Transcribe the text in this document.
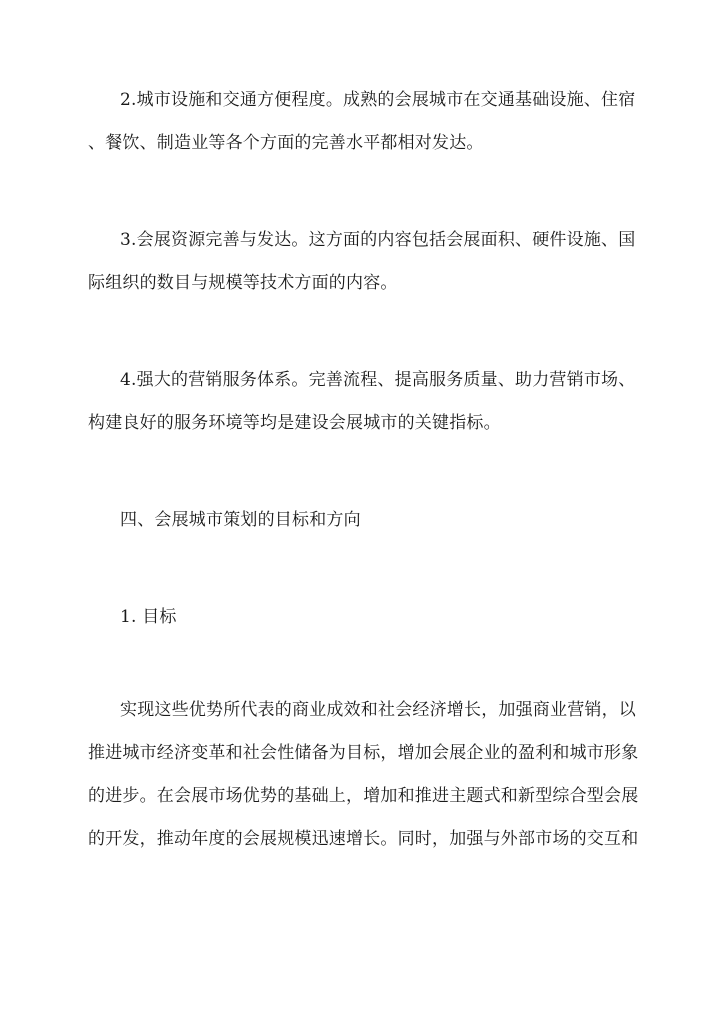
2.城市设施和交通方便程度。成熟的会展城市在交通基础设施、住宿
、餐饮、制造业等各个方面的完善水平都相对发达。
3.会展资源完善与发达。这方面的内容包括会展面积、硬件设施、国
际组织的数目与规模等技术方面的内容。
4.强大的营销服务体系。完善流程、提高服务质量、助力营销市场、
构建良好的服务环境等均是建设会展城市的关键指标。
四、会展城市策划的目标和方向
1. 目标
实现这些优势所代表的商业成效和社会经济增长，加强商业营销，以
推进城市经济变革和社会性储备为目标，增加会展企业的盈利和城市形象
的进步。在会展市场优势的基础上，增加和推进主题式和新型综合型会展
的开发，推动年度的会展规模迅速增长。同时，加强与外部市场的交互和
